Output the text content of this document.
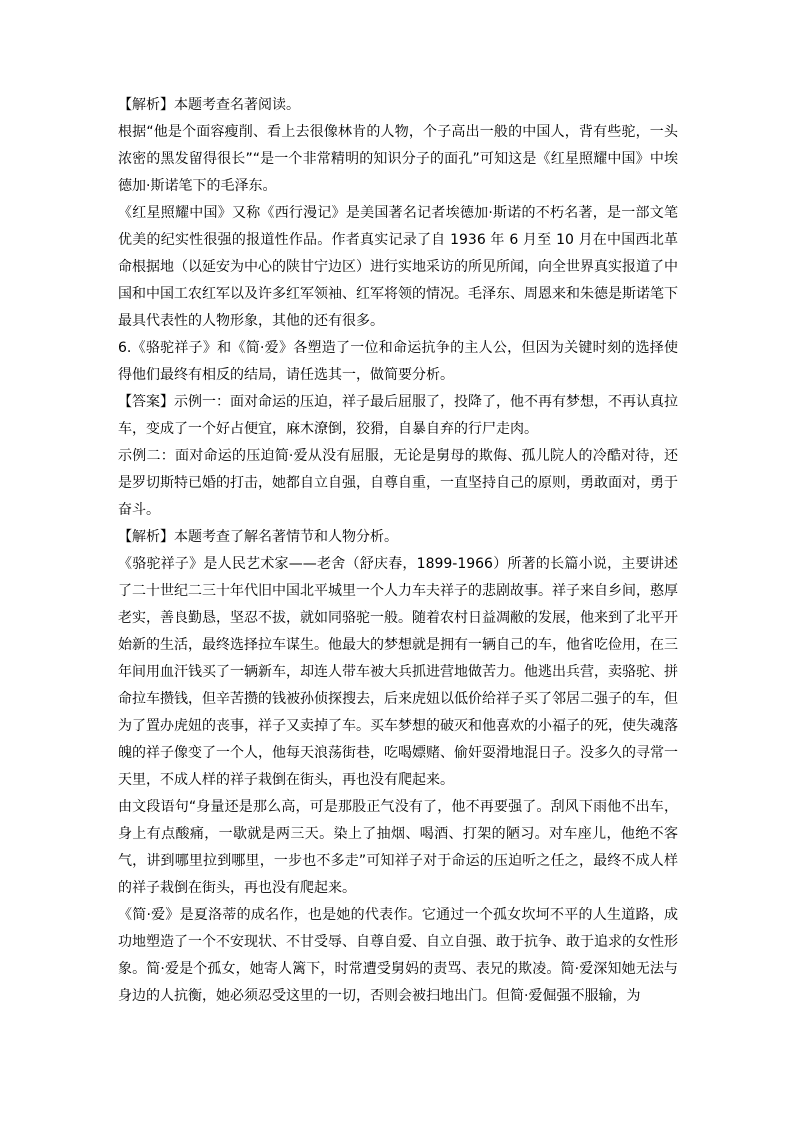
【解析】本题考查名著阅读。

根据“他是个面容瘦削、看上去很像林肯的人物，个子高出一般的中国人，背有些驼，一头浓密的黑发留得很长”“是一个非常精明的知识分子的面孔”可知这是《红星照耀中国》中埃德加·斯诺笔下的毛泽东。

《红星照耀中国》又称《西行漫记》是美国著名记者埃德加·斯诺的不朽名著，是一部文笔优美的纪实性很强的报道性作品。作者真实记录了自 1936 年 6 月至 10 月在中国西北革命根据地（以延安为中心的陕甘宁边区）进行实地采访的所见所闻，向全世界真实报道了中国和中国工农红军以及许多红军领袖、红军将领的情况。毛泽东、周恩来和朱德是斯诺笔下最具代表性的人物形象，其他的还有很多。

6.《骆驼祥子》和《简·爱》各塑造了一位和命运抗争的主人公，但因为关键时刻的选择使得他们最终有相反的结局，请任选其一，做简要分析。

【答案】示例一：面对命运的压迫，祥子最后屈服了，投降了，他不再有梦想，不再认真拉车，变成了一个好占便宜，麻木潦倒，狡猾，自暴自弃的行尸走肉。

示例二：面对命运的压迫简·爱从没有屈服，无论是舅母的欺侮、孤儿院人的冷酷对待，还是罗切斯特已婚的打击，她都自立自强，自尊自重，一直坚持自己的原则，勇敢面对，勇于奋斗。

【解析】本题考查了解名著情节和人物分析。

《骆驼祥子》是人民艺术家——老舍（舒庆春，1899-1966）所著的长篇小说，主要讲述了二十世纪二三十年代旧中国北平城里一个人力车夫祥子的悲剧故事。祥子来自乡间，憨厚老实，善良勤恳，坚忍不拔，就如同骆驼一般。随着农村日益凋敝的发展，他来到了北平开始新的生活，最终选择拉车谋生。他最大的梦想就是拥有一辆自己的车，他省吃俭用，在三年间用血汗钱买了一辆新车，却连人带车被大兵抓进营地做苦力。他逃出兵营，卖骆驼、拼命拉车攒钱，但辛苦攒的钱被孙侦探搜去，后来虎妞以低价给祥子买了邻居二强子的车，但为了置办虎妞的丧事，祥子又卖掉了车。买车梦想的破灭和他喜欢的小福子的死，使失魂落魄的祥子像变了一个人，他每天浪荡街巷，吃喝嫖赌、偷奸耍滑地混日子。没多久的寻常一天里，不成人样的祥子栽倒在街头，再也没有爬起来。

由文段语句“身量还是那么高，可是那股正气没有了，他不再要强了。刮风下雨他不出车，身上有点酸痛，一歇就是两三天。染上了抽烟、喝酒、打架的陋习。对车座儿，他绝不客气，讲到哪里拉到哪里，一步也不多走”可知祥子对于命运的压迫听之任之，最终不成人样的祥子栽倒在街头，再也没有爬起来。

《简·爱》是夏洛蒂的成名作，也是她的代表作。它通过一个孤女坎坷不平的人生道路，成功地塑造了一个不安现状、不甘受辱、自尊自爱、自立自强、敢于抗争、敢于追求的女性形象。简·爱是个孤女，她寄人篱下，时常遭受舅妈的责骂、表兄的欺凌。简·爱深知她无法与身边的人抗衡，她必须忍受这里的一切，否则会被扫地出门。但简·爱倔强不服输，为
